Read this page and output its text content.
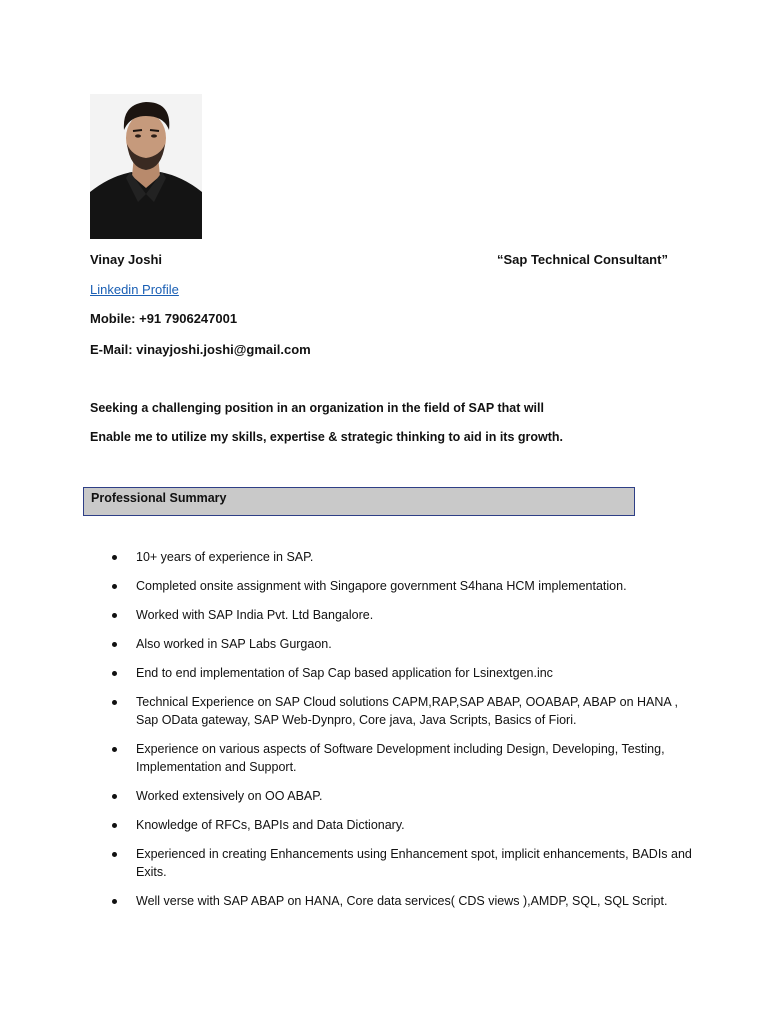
Vinay Joshi	“Sap Technical Consultant”
Linkedin Profile
Mobile: +91 7906247001
E-Mail: vinayjoshi.joshi@gmail.com
Seeking a challenging position in an organization in the field of SAP that will
Enable me to utilize my skills, expertise & strategic thinking to aid in its growth.
Professional Summary
10+ years of experience in SAP.
Completed onsite assignment with Singapore government S4hana HCM implementation.
Worked with SAP India Pvt. Ltd Bangalore.
Also worked in SAP Labs Gurgaon.
End to end implementation of Sap Cap based application for Lsinextgen.inc
Technical Experience on SAP Cloud solutions CAPM,RAP,SAP ABAP, OOABAP, ABAP on HANA , Sap OData gateway, SAP Web-Dynpro, Core java, Java Scripts, Basics of Fiori.
Experience on various aspects of Software Development including Design, Developing, Testing, Implementation and Support.
Worked extensively on OO ABAP.
Knowledge of RFCs, BAPIs and Data Dictionary.
Experienced in creating Enhancements using Enhancement spot, implicit enhancements, BADIs and Exits.
Well verse with SAP ABAP on HANA, Core data services( CDS views ),AMDP, SQL, SQL Script.
